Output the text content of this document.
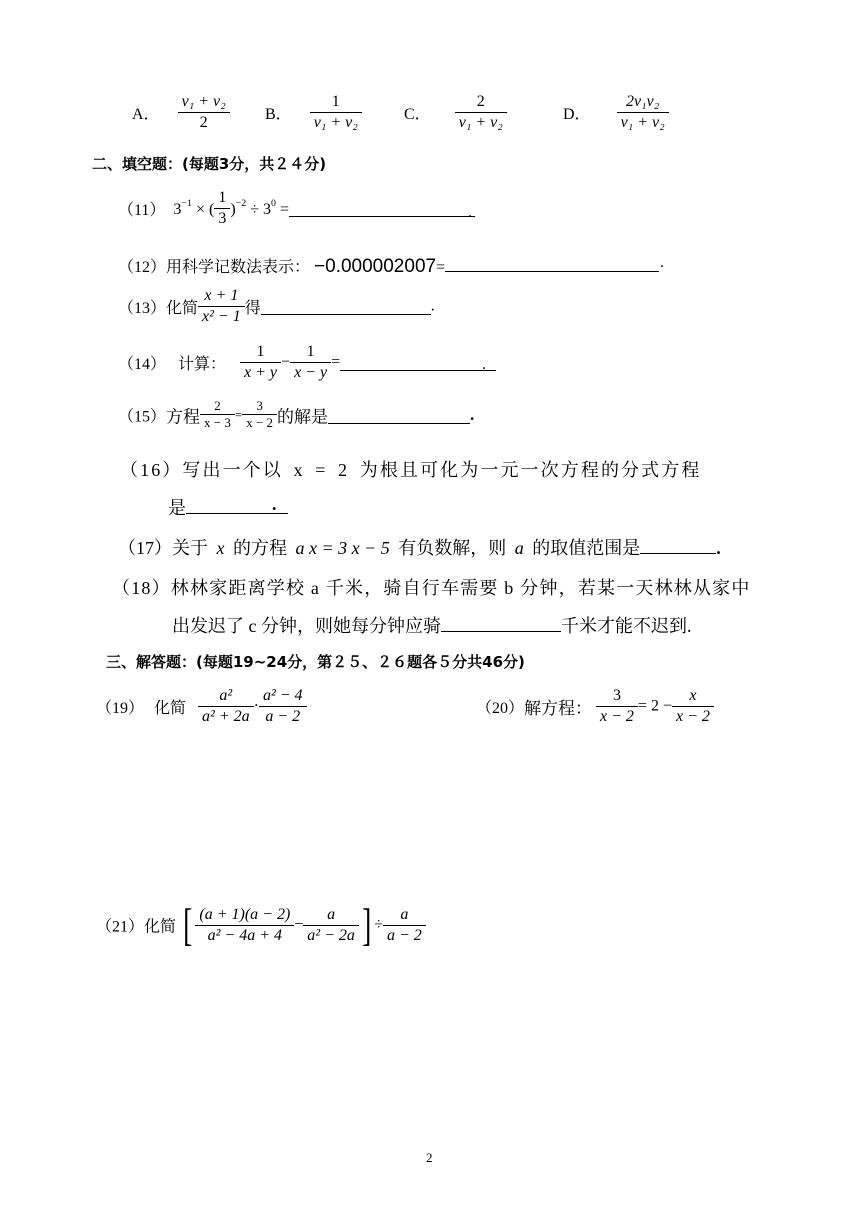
A． $\frac{\text{v₁ + v₂}}{2}$ B． $\frac{1}{\text{v₁ + v₂}}$	C． $\frac{2}{\text{v₁ + v₂}}$	D． $\frac{\text{2v₁v₂}}{\text{v₁ + v₂}}$
二、填空题：(每题3分，共２４分)
（11） $3^{-1}$ × ( $\frac{1}{3} )^{-2} \div 3^0$ =	.
（12）用科学记数法表示： −0.000002007=	.
（13）化简 $\frac{x + 1}{\text{x² − 1}}$ 得	.
（14） 计算： $\frac{1}{x + y} - \frac{1}{x - y}$ =	.
（15）方程 $\frac{2}{x - 3} = \frac{3}{x - 2}$ 的解是	.
（16）写出一个以 x = 2 为根且可化为一元一次方程的分式方程
是	.
（17）关于 x 的方程 a x = 3 x − 5 有负数解，则 a 的取值范围是	.
（18）林林家距离学校 a 千米，骑自行车需要 b 分钟，若某一天林林从家中
出发迟了 c 分钟，则她每分钟应骑	千米才能不迟到.
三、解答题：(每题19~24分，第２５、２６题各５分共46分)
（19） 化简 $\frac{\text{a²}}{\text{a² + 2a}} \cdot \frac{\text{a² − 4}}{a - 2}$	（20）解方程： $\frac{3}{x - 2} = 2 - \frac{x}{x - 2}$
（21）化简 [ $\frac{(a + 1)(a - 2)}{\text{a² − 4a + 4}} - \frac{a}{\text{a² − 2a}}$ ] ÷ $\frac{a}{a - 2}$
2
